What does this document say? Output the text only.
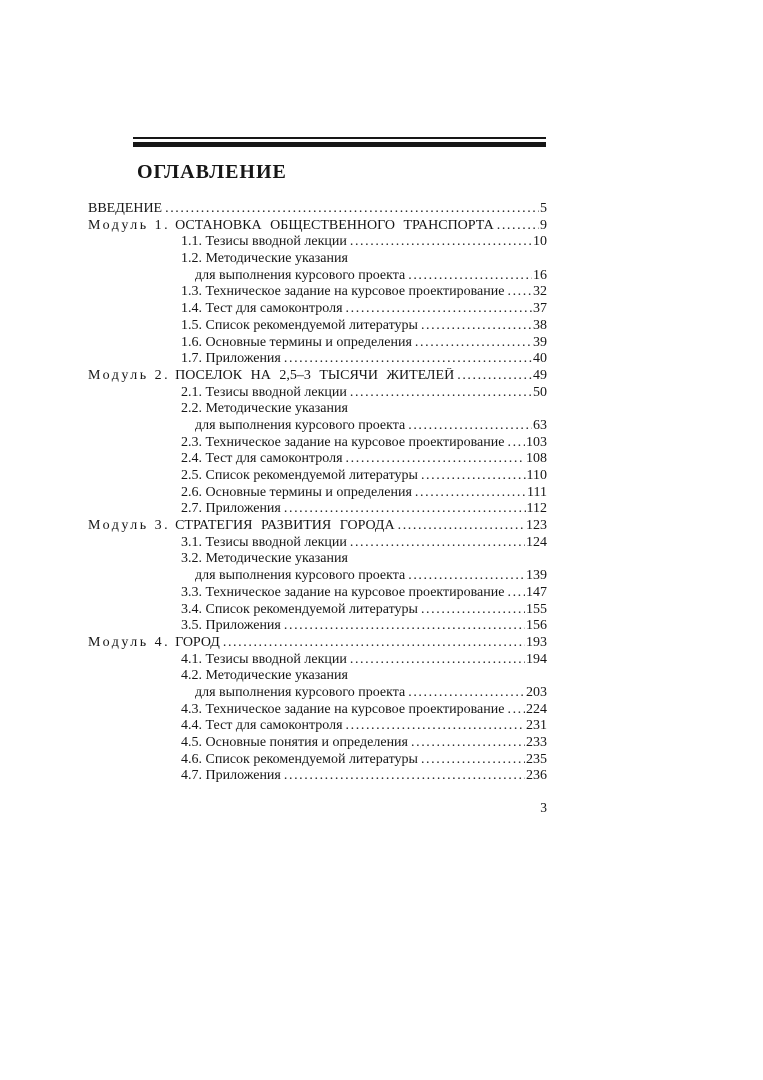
ОГЛАВЛЕНИЕ
ВВЕДЕНИЕ .....	5
Модуль 1. ОСТАНОВКА ОБЩЕСТВЕННОГО ТРАНСПОРТА .....	9
1.1. Тезисы вводной лекции .....	10
1.2. Методические указания
для выполнения курсового проекта .....	16
1.3. Техническое задание на курсовое проектирование ..... 32
1.4. Тест для самоконтроля .....	37
1.5. Список рекомендуемой литературы .....	38
1.6. Основные термины и определения .....	39
1.7. Приложения .....	40
Модуль 2. ПОСЕЛОК НА 2,5–3 ТЫСЯЧИ ЖИТЕЛЕЙ .....	49
2.1. Тезисы вводной лекции .....	50
2.2. Методические указания
для выполнения курсового проекта .....	63
2.3. Техническое задание на курсовое проектирование ..... 103
2.4. Тест для самоконтроля .....	108
2.5. Список рекомендуемой литературы .....	110
2.6. Основные термины и определения .....	111
2.7. Приложения .....	112
Модуль 3. СТРАТЕГИЯ РАЗВИТИЯ ГОРОДА .....	123
3.1. Тезисы вводной лекции .....	124
3.2. Методические указания
для выполнения курсового проекта .....	139
3.3. Техническое задание на курсовое проектирование ..... 147
3.4. Список рекомендуемой литературы .....	155
3.5. Приложения .....	156
Модуль 4. ГОРОД .....	193
4.1. Тезисы вводной лекции .....	194
4.2. Методические указания
для выполнения курсового проекта .....	203
4.3. Техническое задание на курсовое проектирование ..... 224
4.4. Тест для самоконтроля .....	231
4.5. Основные понятия и определения .....	233
4.6. Список рекомендуемой литературы .....	235
4.7. Приложения .....	236
3
